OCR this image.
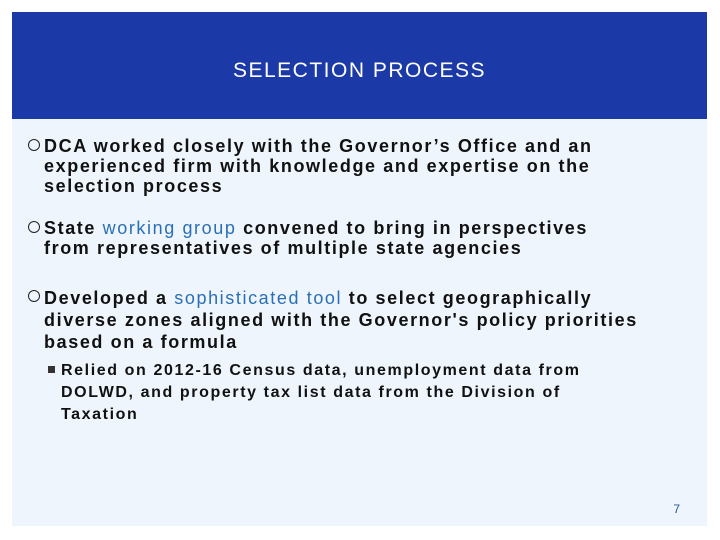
SELECTION PROCESS
DCA worked closely with the Governor’s Office and an
experienced firm with knowledge and expertise on the
selection process
State working group convened to bring in perspectives
from representatives of multiple state agencies
Developed a sophisticated tool to select geographically
diverse zones aligned with the Governor's policy priorities
based on a formula
Relied on 2012-16 Census data, unemployment data from
DOLWD, and property tax list data from the Division of
Taxation
7
